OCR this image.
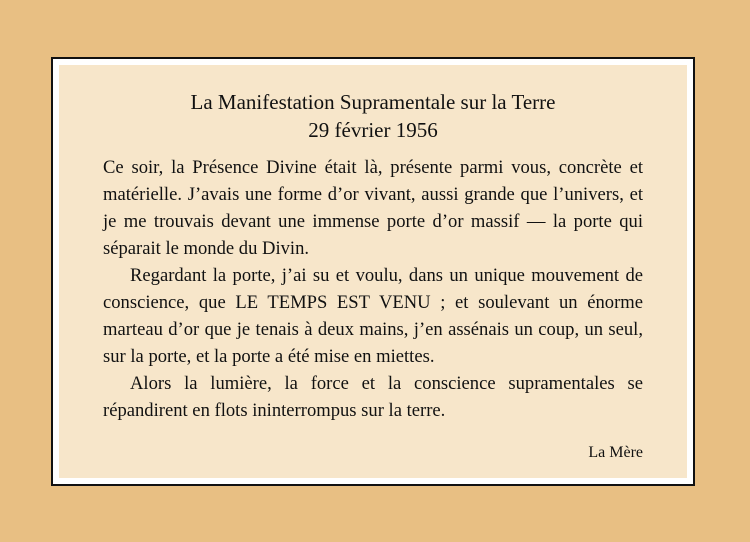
La Manifestation Supramentale sur la Terre
29 février 1956

Ce soir, la Présence Divine était là, présente parmi vous, concrète et matérielle. J’avais une forme d’or vivant, aussi grande que l’univers, et je me trouvais devant une immense porte d’or massif — la porte qui séparait le monde du Divin.

Regardant la porte, j’ai su et voulu, dans un unique mouvement de conscience, que LE TEMPS EST VENU ; et soulevant un énorme marteau d’or que je tenais à deux mains, j’en assénais un coup, un seul, sur la porte, et la porte a été mise en miettes.

Alors la lumière, la force et la conscience supramentales se répandirent en flots ininterrompus sur la terre.

La Mère
